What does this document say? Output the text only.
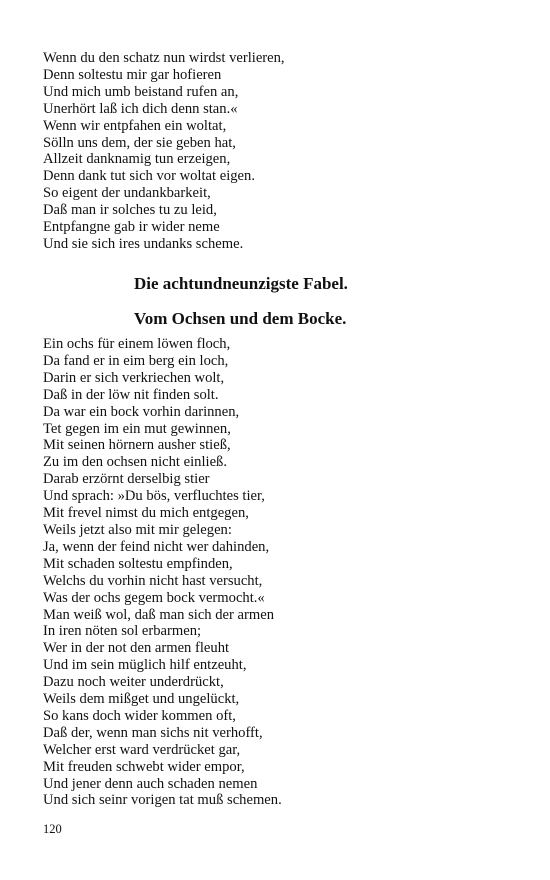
Wenn du den schatz nun wirdst verlieren,
Denn soltestu mir gar hofieren
Und mich umb beistand rufen an,
Unerhört laß ich dich denn stan.«
Wenn wir entpfahen ein woltat,
Sölln uns dem, der sie geben hat,
Allzeit danknamig tun erzeigen,
Denn dank tut sich vor woltat eigen.
So eigent der undankbarkeit,
Daß man ir solches tu zu leid,
Entpfangne gab ir wider neme
Und sie sich ires undanks scheme.
Die achtundneunzigste Fabel.
Vom Ochsen und dem Bocke.
Ein ochs für einem löwen floch,
Da fand er in eim berg ein loch,
Darin er sich verkriechen wolt,
Daß in der löw nit finden solt.
Da war ein bock vorhin darinnen,
Tet gegen im ein mut gewinnen,
Mit seinen hörnern ausher stieß,
Zu im den ochsen nicht einließ.
Darab erzörnt derselbig stier
Und sprach: »Du bös, verfluchtes tier,
Mit frevel nimst du mich entgegen,
Weils jetzt also mit mir gelegen:
Ja, wenn der feind nicht wer dahinden,
Mit schaden soltestu empfinden,
Welchs du vorhin nicht hast versucht,
Was der ochs gegem bock vermocht.«
Man weiß wol, daß man sich der armen
In iren nöten sol erbarmen;
Wer in der not den armen fleuht
Und im sein müglich hilf entzeuht,
Dazu noch weiter underdrückt,
Weils dem mißget und ungelückt,
So kans doch wider kommen oft,
Daß der, wenn man sichs nit verhofft,
Welcher erst ward verdrücket gar,
Mit freuden schwebt wider empor,
Und jener denn auch schaden nemen
Und sich seinr vorigen tat muß schemen.
120
